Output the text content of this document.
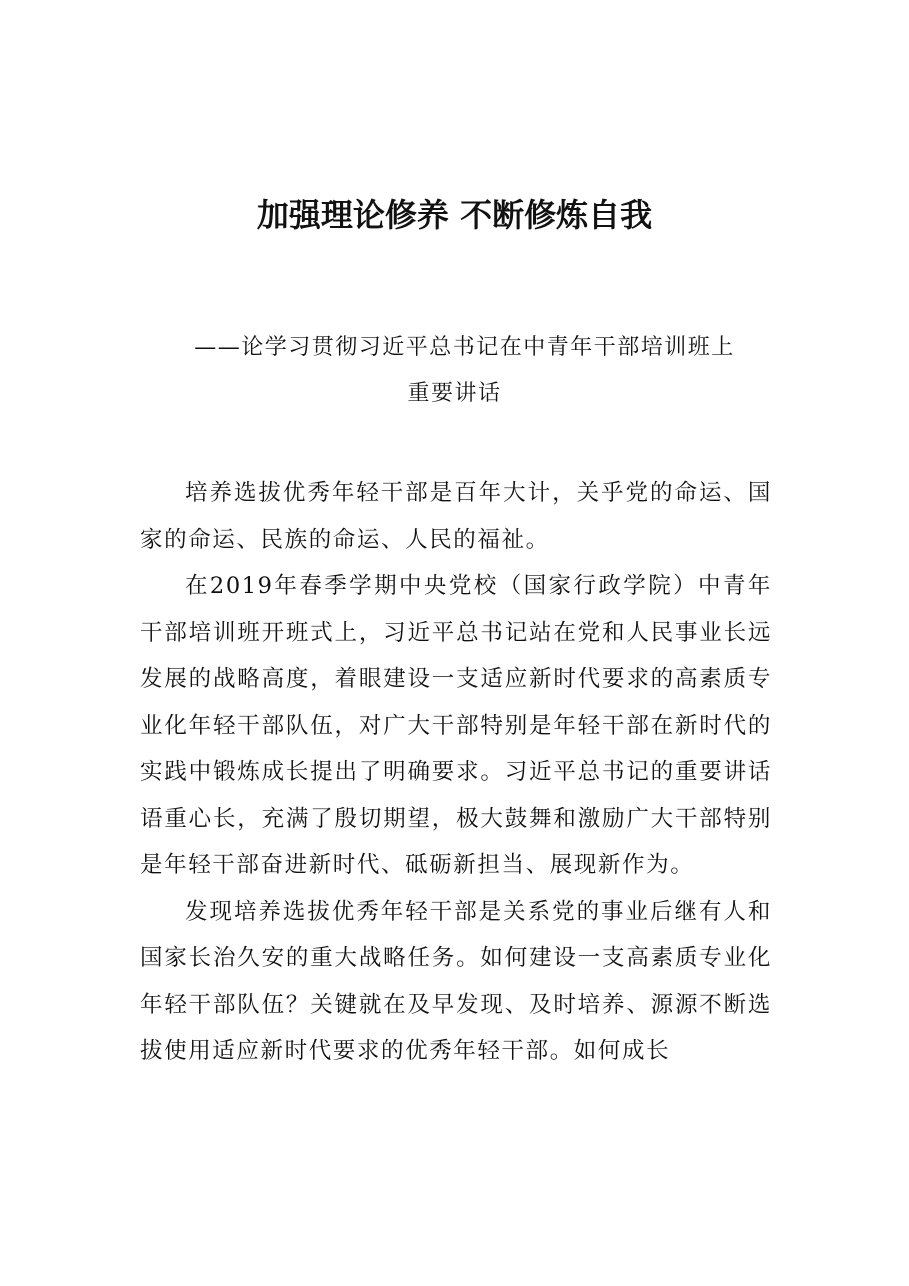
加强理论修养 不断修炼自我
——论学习贯彻习近平总书记在中青年干部培训班上
重要讲话

培养选拔优秀年轻干部是百年大计，关乎党的命运、国家的命运、民族的命运、人民的福祉。

在2019年春季学期中央党校（国家行政学院）中青年干部培训班开班式上，习近平总书记站在党和人民事业长远发展的战略高度，着眼建设一支适应新时代要求的高素质专业化年轻干部队伍，对广大干部特别是年轻干部在新时代的实践中锻炼成长提出了明确要求。习近平总书记的重要讲话语重心长，充满了殷切期望，极大鼓舞和激励广大干部特别是年轻干部奋进新时代、砥砺新担当、展现新作为。

发现培养选拔优秀年轻干部是关系党的事业后继有人和国家长治久安的重大战略任务。如何建设一支高素质专业化年轻干部队伍？关键就在及早发现、及时培养、源源不断选拔使用适应新时代要求的优秀年轻干部。如何成长
